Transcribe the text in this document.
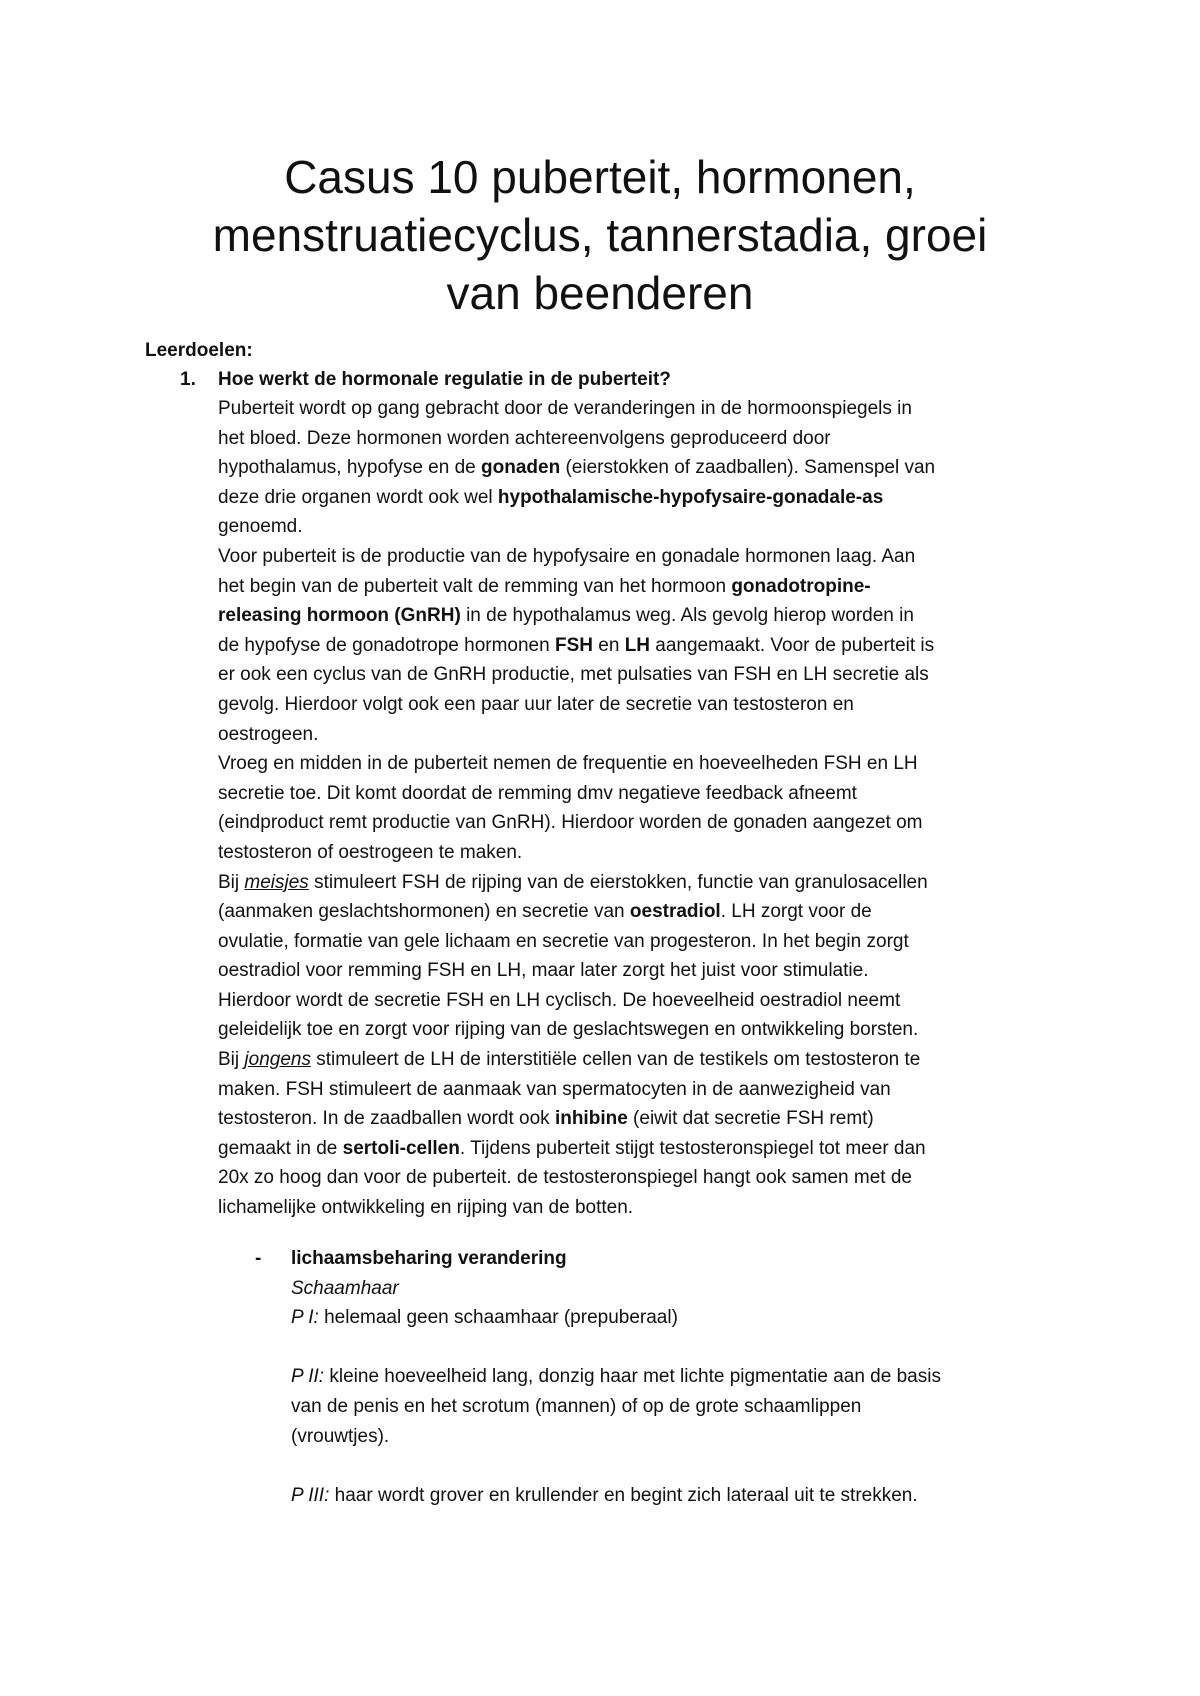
Casus 10 puberteit, hormonen,
menstruatiecyclus, tannerstadia, groei
van beenderen

Leerdoelen:

1. Hoe werkt de hormonale regulatie in de puberteit?

Puberteit wordt op gang gebracht door de veranderingen in de hormoonspiegels in
het bloed. Deze hormonen worden achtereenvolgens geproduceerd door
hypothalamus, hypofyse en de gonaden (eierstokken of zaadballen). Samenspel van
deze drie organen wordt ook wel hypothalamische-hypofysaire-gonadale-as
genoemd.

Voor puberteit is de productie van de hypofysaire en gonadale hormonen laag. Aan
het begin van de puberteit valt de remming van het hormoon gonadotropine-
releasing hormoon (GnRH) in de hypothalamus weg. Als gevolg hierop worden in
de hypofyse de gonadotrope hormonen FSH en LH aangemaakt. Voor de puberteit is
er ook een cyclus van de GnRH productie, met pulsaties van FSH en LH secretie als
gevolg. Hierdoor volgt ook een paar uur later de secretie van testosteron en
oestrogeen.

Vroeg en midden in de puberteit nemen de frequentie en hoeveelheden FSH en LH
secretie toe. Dit komt doordat de remming dmv negatieve feedback afneemt
(eindproduct remt productie van GnRH). Hierdoor worden de gonaden aangezet om
testosteron of oestrogeen te maken.

Bij meisjes stimuleert FSH de rijping van de eierstokken, functie van granulosacellen
(aanmaken geslachtshormonen) en secretie van oestradiol. LH zorgt voor de
ovulatie, formatie van gele lichaam en secretie van progesteron. In het begin zorgt
oestradiol voor remming FSH en LH, maar later zorgt het juist voor stimulatie.
Hierdoor wordt de secretie FSH en LH cyclisch. De hoeveelheid oestradiol neemt
geleidelijk toe en zorgt voor rijping van de geslachtswegen en ontwikkeling borsten.

Bij jongens stimuleert de LH de interstitiële cellen van de testikels om testosteron te
maken. FSH stimuleert de aanmaak van spermatocyten in de aanwezigheid van
testosteron. In de zaadballen wordt ook inhibine (eiwit dat secretie FSH remt)
gemaakt in de sertoli-cellen. Tijdens puberteit stijgt testosteronspiegel tot meer dan
20x zo hoog dan voor de puberteit. de testosteronspiegel hangt ook samen met de
lichamelijke ontwikkeling en rijping van de botten.

- lichaamsbeharing verandering
Schaamhaar
P I: helemaal geen schaamhaar (prepuberaal)
P II: kleine hoeveelheid lang, donzig haar met lichte pigmentatie aan de basis
van de penis en het scrotum (mannen) of op de grote schaamlippen
(vrouwtjes).
P III: haar wordt grover en krullender en begint zich lateraal uit te strekken.
